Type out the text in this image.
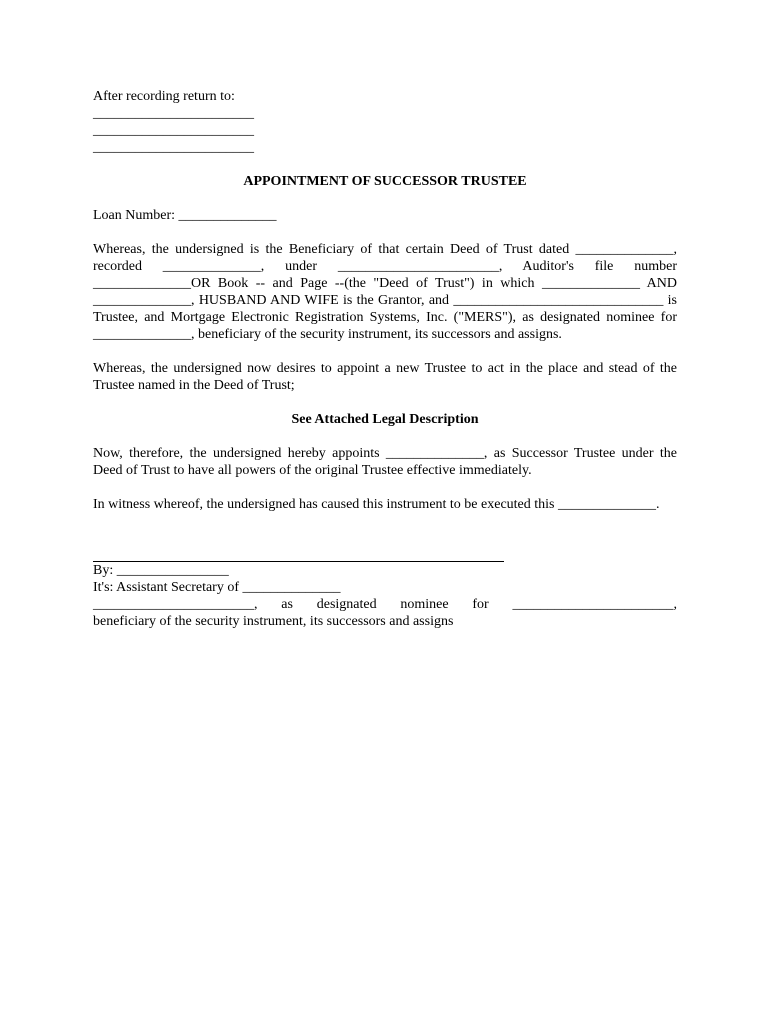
After recording return to:

_______________________

_______________________

_______________________

APPOINTMENT OF SUCCESSOR TRUSTEE

Loan Number: ______________

Whereas, the undersigned is the Beneficiary of that certain Deed of Trust dated ______________, recorded ______________, under _______________________, Auditor's file number ______________OR Book -- and Page --(the "Deed of Trust") in which ______________ AND ______________, HUSBAND AND WIFE is the Grantor, and ______________________________ is Trustee, and Mortgage Electronic Registration Systems, Inc. ("MERS"), as designated nominee for ______________, beneficiary of the security instrument, its successors and assigns.

Whereas, the undersigned now desires to appoint a new Trustee to act in the place and stead of the Trustee named in the Deed of Trust;

See Attached Legal Description

Now, therefore, the undersigned hereby appoints ______________, as Successor Trustee under the Deed of Trust to have all powers of the original Trustee effective immediately.

In witness whereof, the undersigned has caused this instrument to be executed this ______________.

By: ________________

It's: Assistant Secretary of ______________

_______________________, as designated nominee for _______________________,

beneficiary of the security instrument, its successors and assigns
